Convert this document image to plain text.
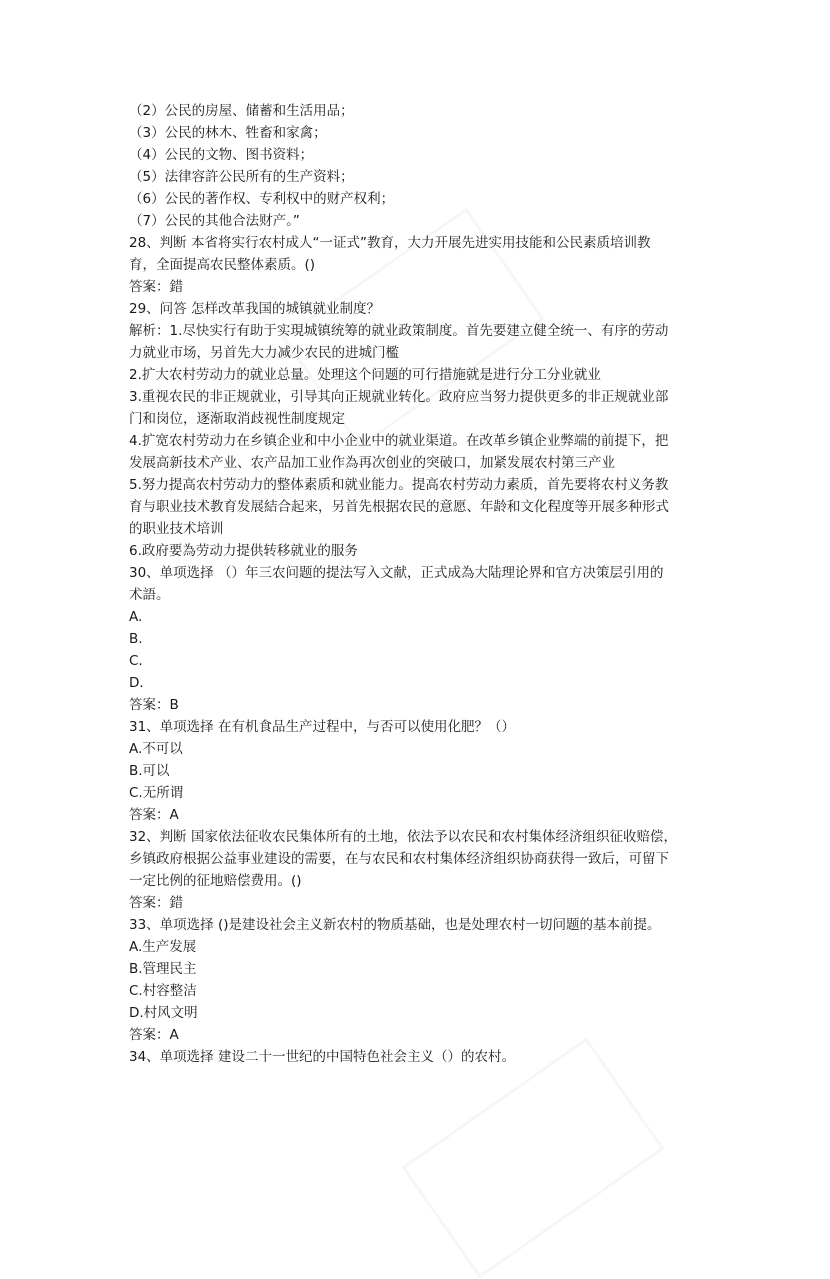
（2）公民的房屋、储蓄和生活用品；
（3）公民的林木、牲畜和家禽；
（4）公民的文物、图书资料；
（5）法律容許公民所有的生产资料；
（6）公民的著作权、专利权中的财产权利；
（7）公民的其他合法财产。”
28、判断 本省将实行农村成人“一证式”教育，大力开展先进实用技能和公民素质培训教
育，全面提高农民整体素质。()
答案：錯
29、问答 怎样改革我国的城镇就业制度？
解析：1.尽快实行有助于实現城镇统筹的就业政策制度。首先要建立健全统一、有序的劳动
力就业市场，另首先大力减少农民的进城门檻
2.扩大农村劳动力的就业总量。处理这个问题的可行措施就是进行分工分业就业
3.重视农民的非正规就业，引导其向正规就业转化。政府应当努力提供更多的非正规就业部
门和岗位，逐渐取消歧视性制度规定
4.扩宽农村劳动力在乡镇企业和中小企业中的就业渠道。在改革乡镇企业弊端的前提下，把
发展高新技术产业、农产品加工业作為再次创业的突破口，加紧发展农村第三产业
5.努力提高农村劳动力的整体素质和就业能力。提高农村劳动力素质，首先要将农村义务教
育与职业技术教育发展結合起来，另首先根据农民的意愿、年龄和文化程度等开展多种形式
的职业技术培训
6.政府要為劳动力提供转移就业的服务
30、单项选择 （）年三农问题的提法写入文献，正式成為大陆理论界和官方决策层引用的
术語。
A.
B.
C.
D.
答案：B
31、单项选择 在有机食品生产过程中，与否可以使用化肥？（）
A.不可以
B.可以
C.无所谓
答案：A
32、判断 国家依法征收农民集体所有的土地，依法予以农民和农村集体经济组织征收赔偿，
乡镇政府根据公益事业建设的需要，在与农民和农村集体经济组织协商获得一致后，可留下
一定比例的征地赔偿费用。()
答案：錯
33、单项选择 ()是建设社会主义新农村的物质基础，也是处理农村一切问题的基本前提。
A.生产发展
B.管理民主
C.村容整洁
D.村风文明
答案：A
34、单项选择 建设二十一世纪的中国特色社会主义（）的农村。
